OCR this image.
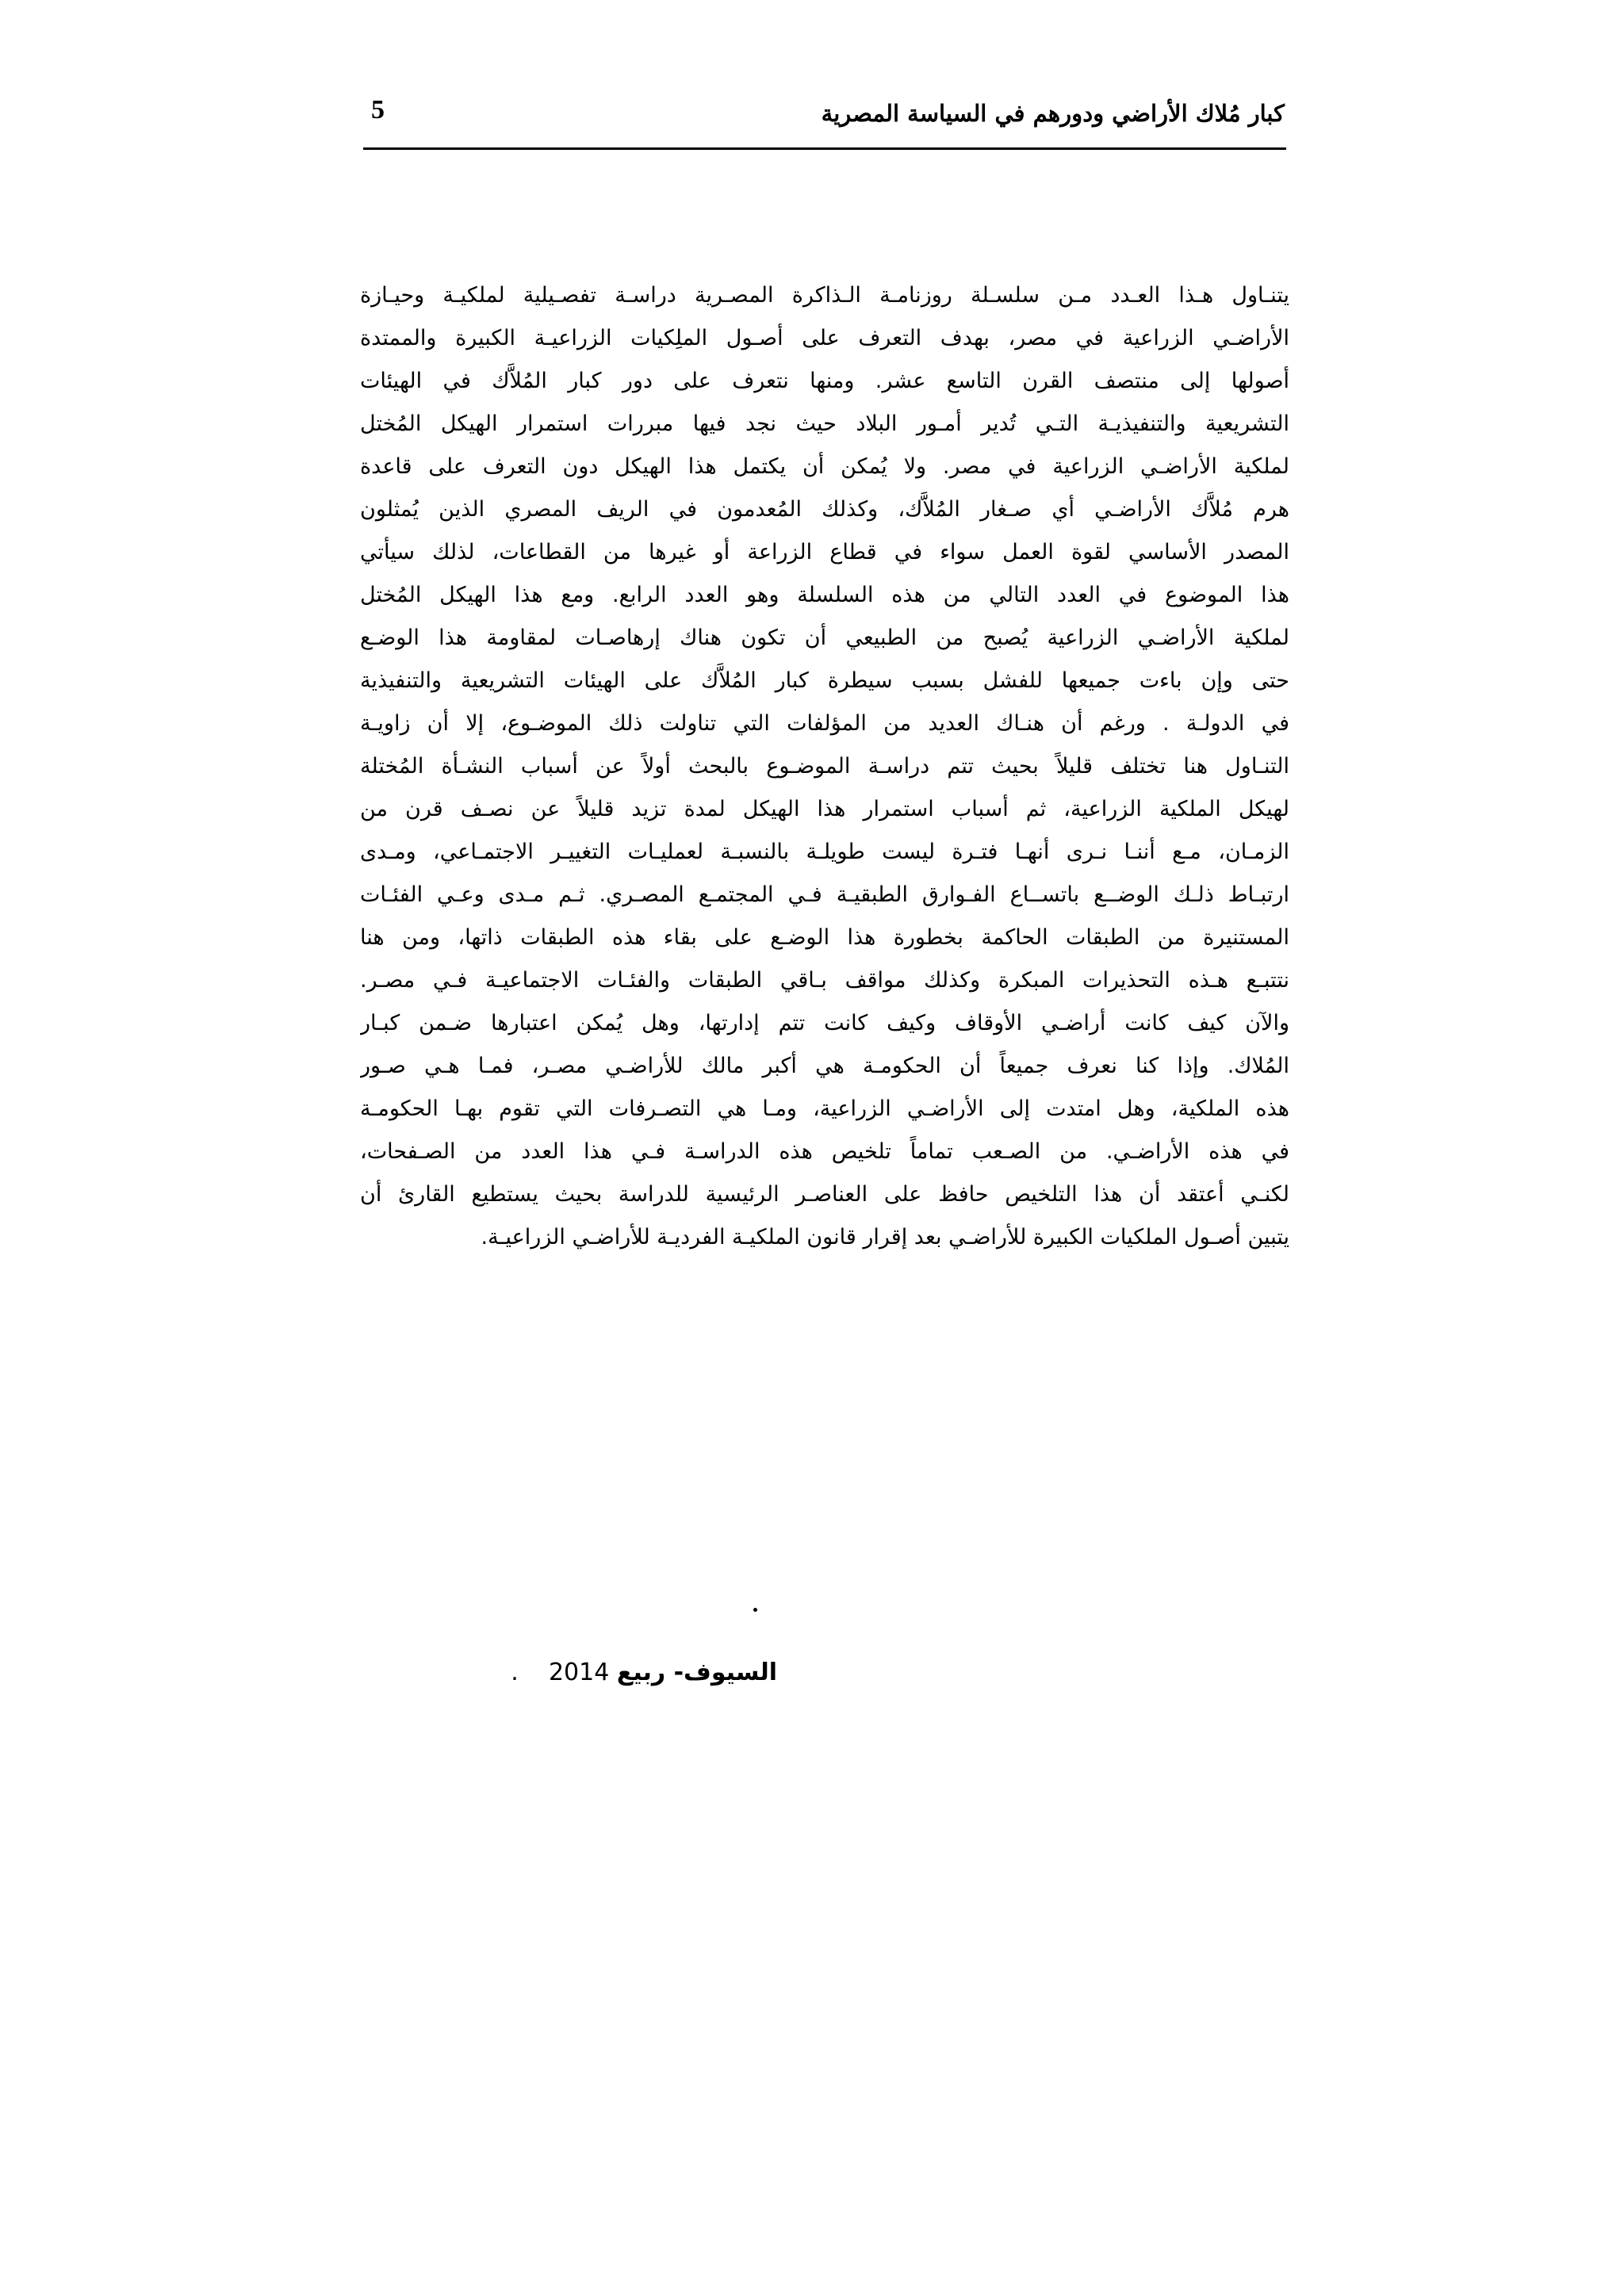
كبار مُلاك الأراضي ودورهم في السياسة المصرية
5
يتنـاول هـذا العـدد مـن سلسـلة روزنامـة الـذاكرة المصـرية دراسـة تفصـيلية لملكيـة وحيـازة
الأراضـي الزراعية في مصر، بهدف التعرف على أصـول الملِكيات الزراعيـة الكبيرة والممتدة
أصولها إلى منتصف القرن التاسع عشر. ومنها نتعرف على دور كبار المُلاَّك في الهيئات
التشريعية والتنفيذيـة التـي تُدير أمـور البلاد حيث نجد فيها مبررات استمرار الهيكل المُختل
لملكية الأراضـي الزراعية في مصر. ولا يُمكن أن يكتمل هذا الهيكل دون التعرف على قاعدة
هرم مُلاَّك الأراضـي أي صـغار المُلاَّك، وكذلك المُعدمون في الريف المصري الذين يُمثلون
المصدر الأساسي لقوة العمل سواء في قطاع الزراعة أو غيرها من القطاعات، لذلك سيأتي
هذا الموضوع في العدد التالي من هذه السلسلة وهو العدد الرابع. ومع هذا الهيكل المُختل
لملكية الأراضـي الزراعية يُصبح من الطبيعي أن تكون هناك إرهاصـات لمقاومة هذا الوضـع
حتى وإن باءت جميعها للفشل بسبب سيطرة كبار المُلاَّك على الهيئات التشريعية والتنفيذية
في الدولـة . ورغم أن هنـاك العديد من المؤلفات التي تناولت ذلك الموضـوع، إلا أن زاويـة
التنـاول هنا تختلف قليلاً بحيث تتم دراسـة الموضـوع بالبحث أولاً عن أسباب النشـأة المُختلة
لهيكل الملكية الزراعية، ثم أسباب استمرار هذا الهيكل لمدة تزيد قليلاً عن نصـف قرن من
الزمـان، مـع أننـا نـرى أنهـا فتـرة ليست طويلـة بالنسبـة لعمليـات التغييـر الاجتمـاعي، ومـدى
ارتبـاط ذلـك الوضــع باتســاع الفـوارق الطبقيـة فـي المجتمـع المصـري. ثـم مـدى وعـي الفئـات
المستنيرة من الطبقات الحاكمة بخطورة هذا الوضـع على بقاء هذه الطبقات ذاتها، ومن هنا
نتتبـع هـذه التحذيرات المبكرة وكذلك مواقف بـاقي الطبقات والفئـات الاجتماعيـة فـي مصـر.
والآن كيف كانت أراضـي الأوقاف وكيف كانت تتم إدارتها، وهل يُمكن اعتبارها ضـمن كبـار
المُلاك. وإذا كنا نعرف جميعاً أن الحكومـة هي أكبر مالك للأراضـي مصـر، فمـا هـي صـور
هذه الملكية، وهل امتدت إلى الأراضـي الزراعية، ومـا هي التصـرفات التي تقوم بهـا الحكومـة
في هذه الأراضـي. من الصـعب تماماً تلخيص هذه الدراسـة فـي هذا العدد من الصـفحات،
لكنـي أعتقد أن هذا التلخيص حافظ على العناصـر الرئيسية للدراسة بحيث يستطيع القارئ أن
يتبين أصـول الملكيات الكبيرة للأراضـي بعد إقرار قانون الملكيـة الفرديـة للأراضـي الزراعيـة.
السيوف- ربيع 2014    .
